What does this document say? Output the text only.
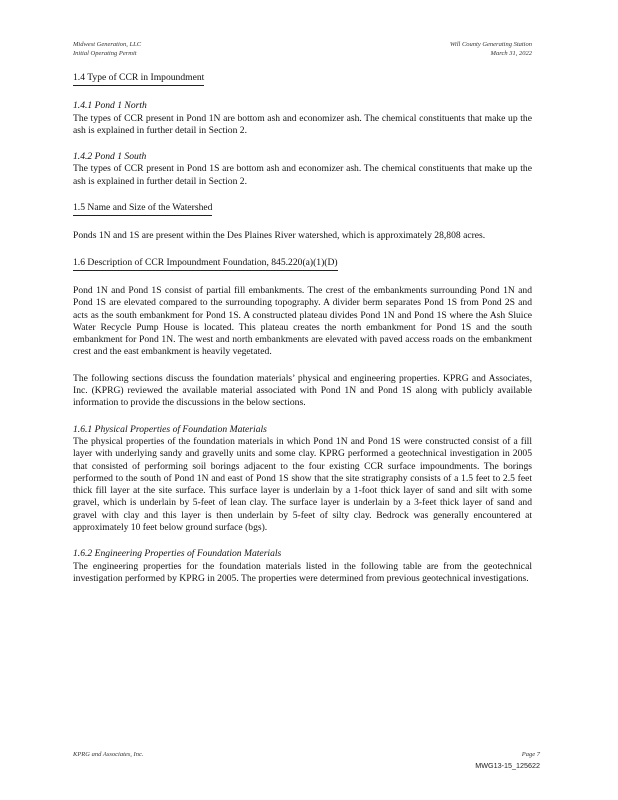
Midwest Generation, LLC
Initial Operating Permit
Will County Generating Station
March 31, 2022
1.4 Type of CCR in Impoundment
1.4.1 Pond 1 North

The types of CCR present in Pond 1N are bottom ash and economizer ash. The chemical constituents that make up the ash is explained in further detail in Section 2.

1.4.2 Pond 1 South

The types of CCR present in Pond 1S are bottom ash and economizer ash. The chemical constituents that make up the ash is explained in further detail in Section 2.

1.5 Name and Size of the Watershed

Ponds 1N and 1S are present within the Des Plaines River watershed, which is approximately 28,808 acres.

1.6 Description of CCR Impoundment Foundation, 845.220(a)(1)(D)

Pond 1N and Pond 1S consist of partial fill embankments. The crest of the embankments surrounding Pond 1N and Pond 1S are elevated compared to the surrounding topography. A divider berm separates Pond 1S from Pond 2S and acts as the south embankment for Pond 1S. A constructed plateau divides Pond 1N and Pond 1S where the Ash Sluice Water Recycle Pump House is located. This plateau creates the north embankment for Pond 1S and the south embankment for Pond 1N. The west and north embankments are elevated with paved access roads on the embankment crest and the east embankment is heavily vegetated.

The following sections discuss the foundation materials’ physical and engineering properties. KPRG and Associates, Inc. (KPRG) reviewed the available material associated with Pond 1N and Pond 1S along with publicly available information to provide the discussions in the below sections.

1.6.1 Physical Properties of Foundation Materials

The physical properties of the foundation materials in which Pond 1N and Pond 1S were constructed consist of a fill layer with underlying sandy and gravelly units and some clay. KPRG performed a geotechnical investigation in 2005 that consisted of performing soil borings adjacent to the four existing CCR surface impoundments. The borings performed to the south of Pond 1N and east of Pond 1S show that the site stratigraphy consists of a 1.5 feet to 2.5 feet thick fill layer at the site surface. This surface layer is underlain by a 1-foot thick layer of sand and silt with some gravel, which is underlain by 5-feet of lean clay. The surface layer is underlain by a 3-feet thick layer of sand and gravel with clay and this layer is then underlain by 5-feet of silty clay. Bedrock was generally encountered at approximately 10 feet below ground surface (bgs).

1.6.2 Engineering Properties of Foundation Materials

The engineering properties for the foundation materials listed in the following table are from the geotechnical investigation performed by KPRG in 2005. The properties were determined from previous geotechnical investigations.

KPRG and Associates, Inc.	Page 7
MWG13-15_125622
